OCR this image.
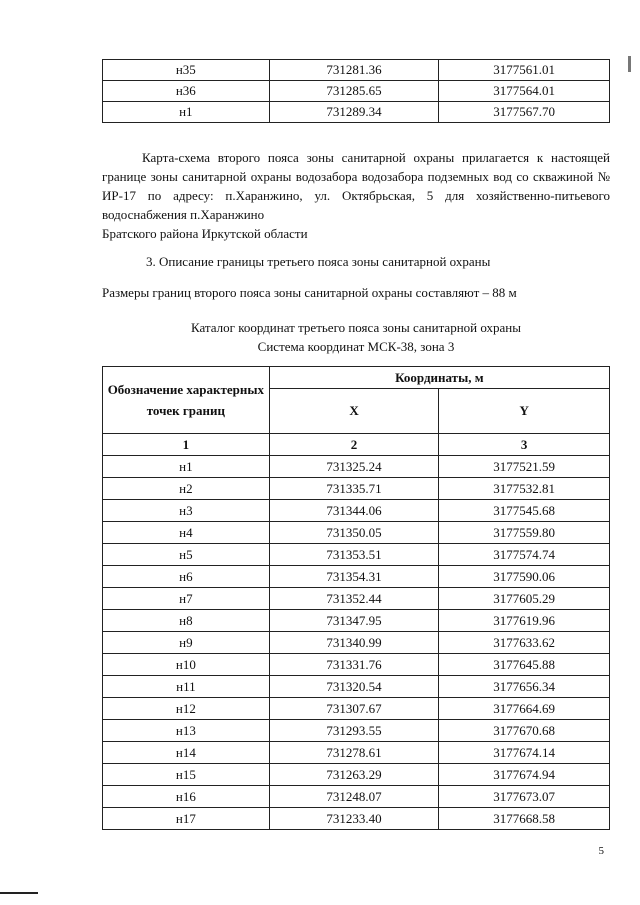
н35	731281.36	3177561.01
н36	731285.65	3177564.01
н1	731289.34	3177567.70

Карта-схема второго пояса зоны санитарной охраны прилагается к настоящей границе зоны санитарной охраны водозабора водозабора подземных вод со скважиной № ИР-17 по адресу: п.Харанжино, ул. Октябрьская, 5 для хозяйственно-питьевого водоснабжения п.Харанжино
Братского района Иркутской области

3. Описание границы третьего пояса зоны санитарной охраны

Размеры границ второго пояса зоны санитарной охраны составляют – 88 м

Каталог координат третьего пояса зоны санитарной охраны
Система координат МСК-38, зона 3

Обозначение характерных точек границ	Координаты, м	
	X	Y
1	2	3
н1	731325.24	3177521.59
н2	731335.71	3177532.81
н3	731344.06	3177545.68
н4	731350.05	3177559.80
н5	731353.51	3177574.74
н6	731354.31	3177590.06
н7	731352.44	3177605.29
н8	731347.95	3177619.96
н9	731340.99	3177633.62
н10	731331.76	3177645.88
н11	731320.54	3177656.34
н12	731307.67	3177664.69
н13	731293.55	3177670.68
н14	731278.61	3177674.14
н15	731263.29	3177674.94
н16	731248.07	3177673.07
н17	731233.40	3177668.58
5
